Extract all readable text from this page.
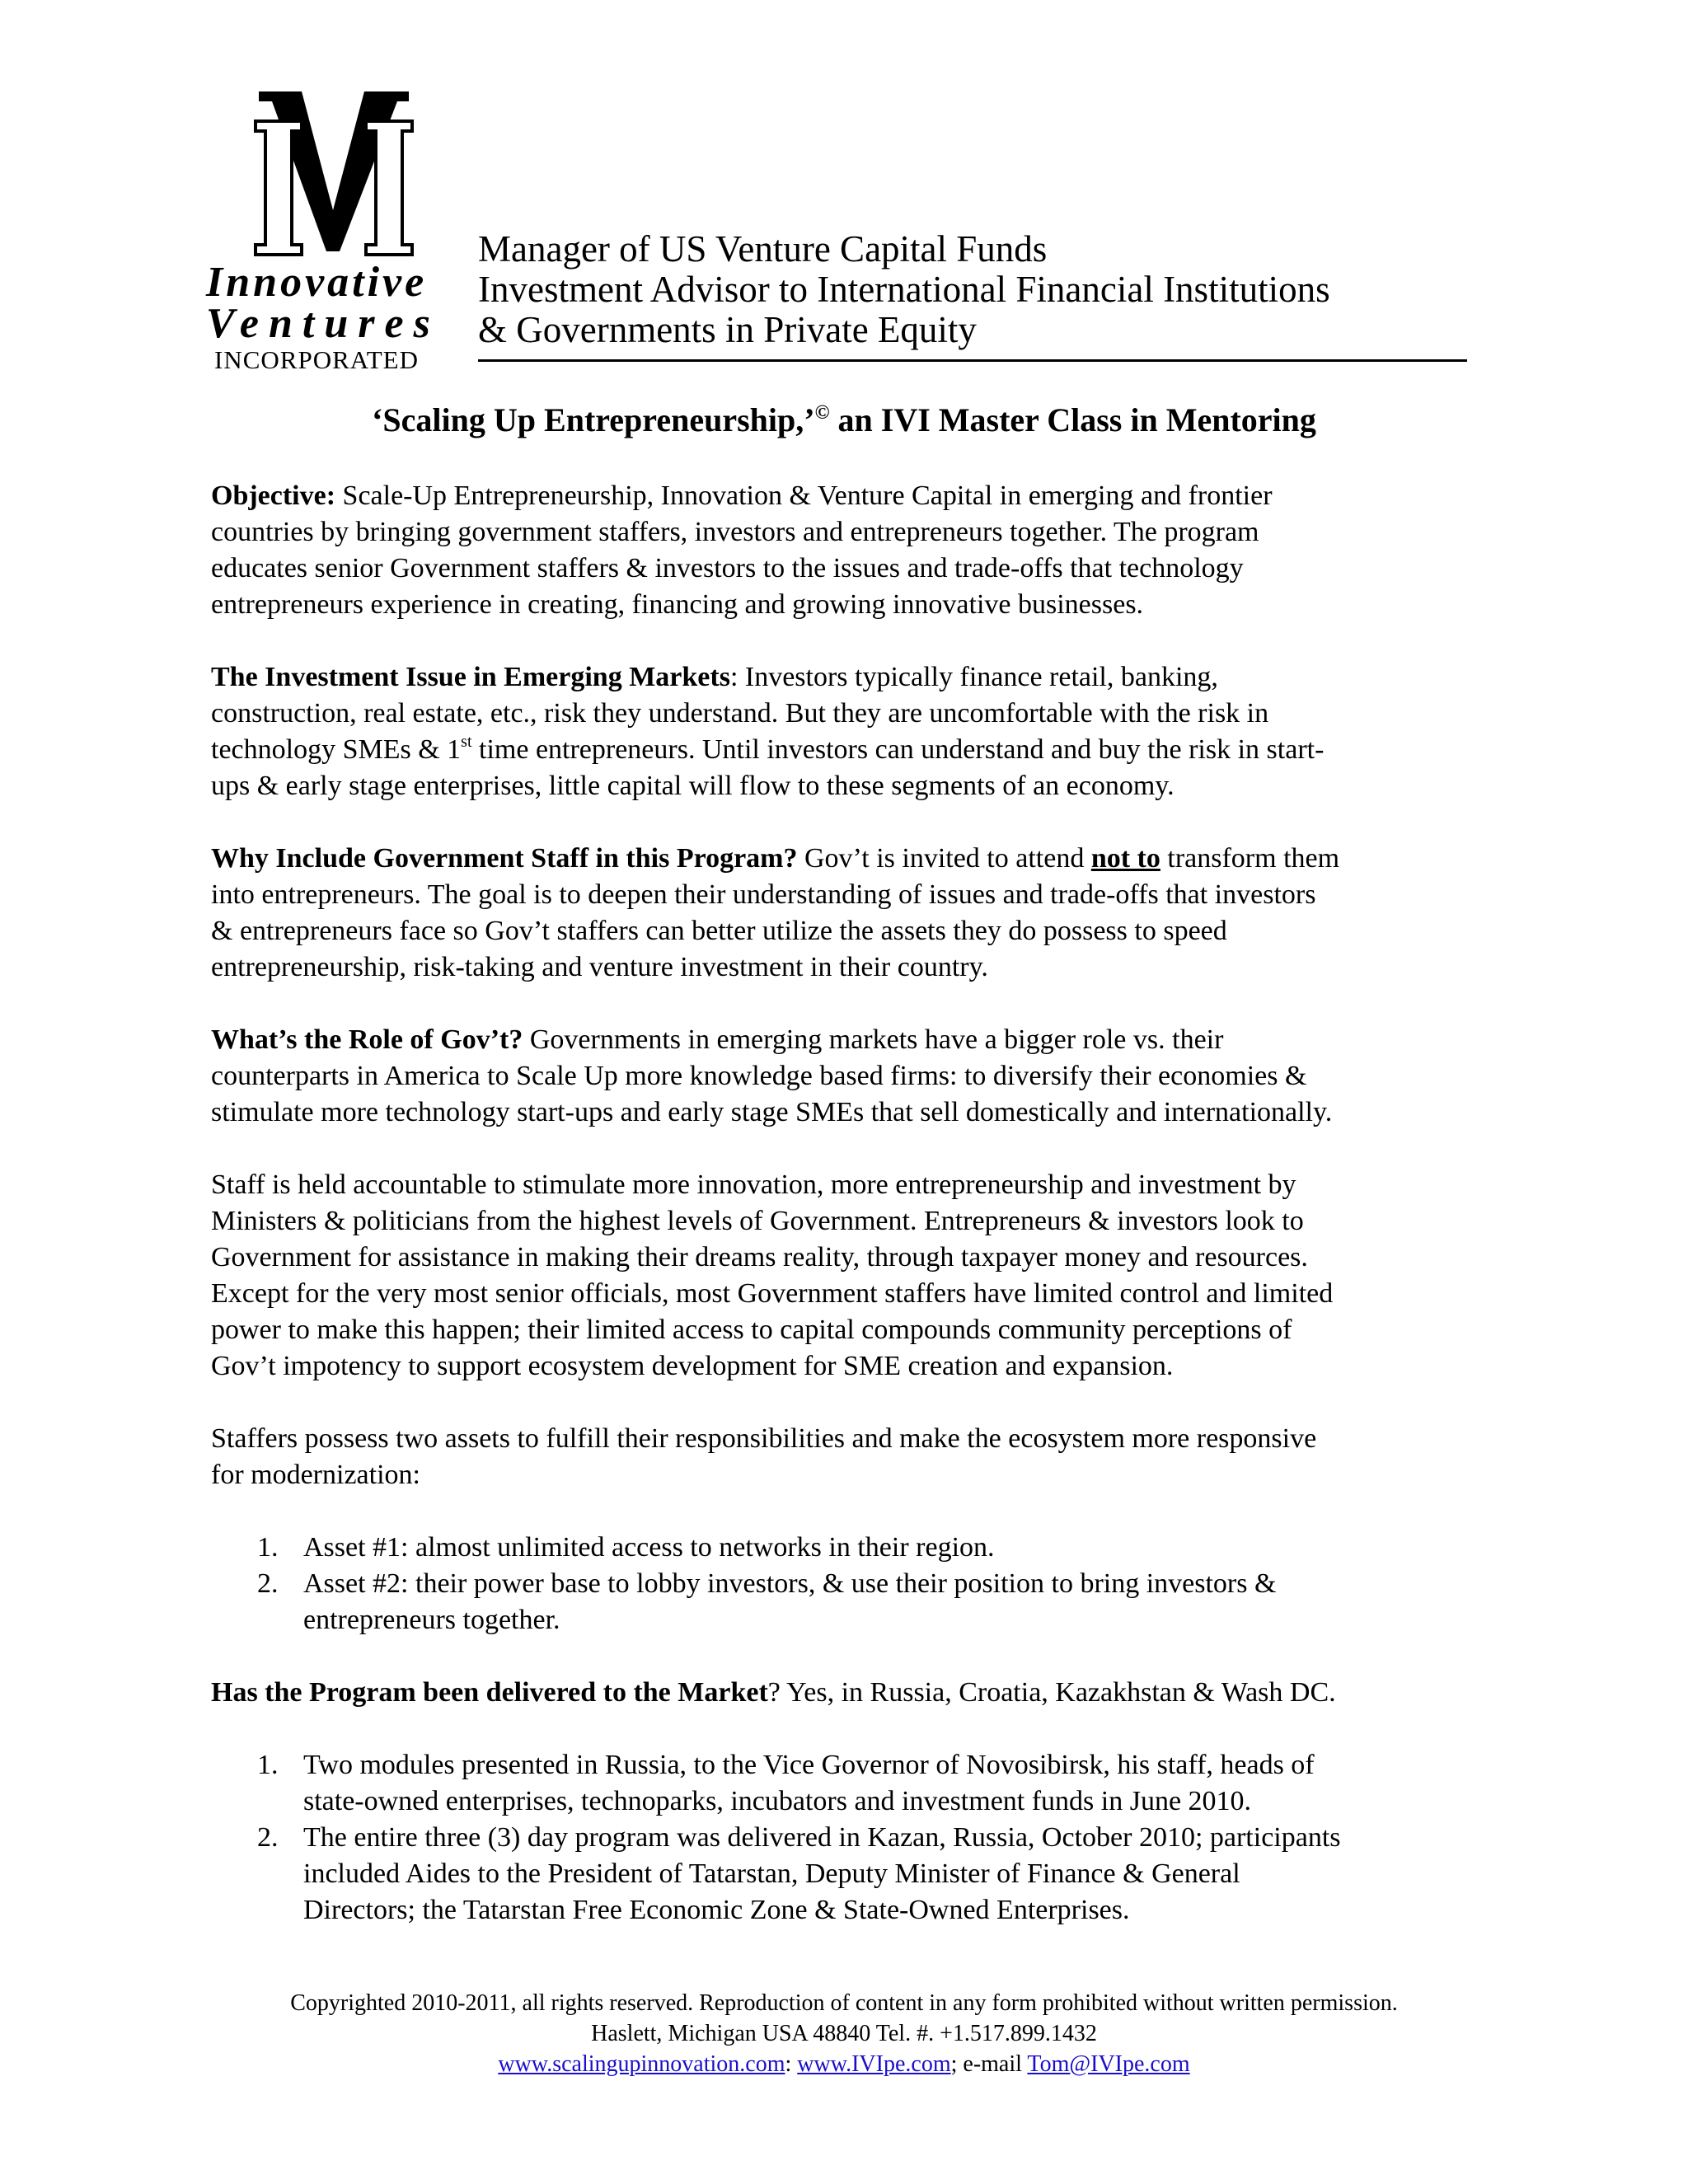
Innovative
Ventures
INCORPORATED
Manager of US Venture Capital Funds
Investment Advisor to International Financial Institutions
& Governments in Private Equity
‘Scaling Up Entrepreneurship,’© an IVI Master Class in Mentoring
Objective: Scale-Up Entrepreneurship, Innovation & Venture Capital in emerging and frontier
countries by bringing government staffers, investors and entrepreneurs together. The program
educates senior Government staffers & investors to the issues and trade-offs that technology
entrepreneurs experience in creating, financing and growing innovative businesses.
The Investment Issue in Emerging Markets: Investors typically finance retail, banking,
construction, real estate, etc., risk they understand. But they are uncomfortable with the risk in
technology SMEs & 1st time entrepreneurs. Until investors can understand and buy the risk in start-
ups & early stage enterprises, little capital will flow to these segments of an economy.
Why Include Government Staff in this Program? Gov’t is invited to attend not to transform them
into entrepreneurs. The goal is to deepen their understanding of issues and trade-offs that investors
& entrepreneurs face so Gov’t staffers can better utilize the assets they do possess to speed
entrepreneurship, risk-taking and venture investment in their country.
What’s the Role of Gov’t? Governments in emerging markets have a bigger role vs. their
counterparts in America to Scale Up more knowledge based firms: to diversify their economies &
stimulate more technology start-ups and early stage SMEs that sell domestically and internationally.
Staff is held accountable to stimulate more innovation, more entrepreneurship and investment by
Ministers & politicians from the highest levels of Government. Entrepreneurs & investors look to
Government for assistance in making their dreams reality, through taxpayer money and resources.
Except for the very most senior officials, most Government staffers have limited control and limited
power to make this happen; their limited access to capital compounds community perceptions of
Gov’t impotency to support ecosystem development for SME creation and expansion.
Staffers possess two assets to fulfill their responsibilities and make the ecosystem more responsive
for modernization:
1. Asset #1: almost unlimited access to networks in their region.
2. Asset #2: their power base to lobby investors, & use their position to bring investors &
entrepreneurs together.
Has the Program been delivered to the Market? Yes, in Russia, Croatia, Kazakhstan & Wash DC.
1. Two modules presented in Russia, to the Vice Governor of Novosibirsk, his staff, heads of
state-owned enterprises, technoparks, incubators and investment funds in June 2010.
2. The entire three (3) day program was delivered in Kazan, Russia, October 2010; participants
included Aides to the President of Tatarstan, Deputy Minister of Finance & General
Directors; the Tatarstan Free Economic Zone & State-Owned Enterprises.
Copyrighted 2010-2011, all rights reserved. Reproduction of content in any form prohibited without written permission.
Haslett, Michigan USA 48840 Tel. #. +1.517.899.1432
www.scalingupinnovation.com: www.IVIpe.com; e-mail Tom@IVIpe.com
